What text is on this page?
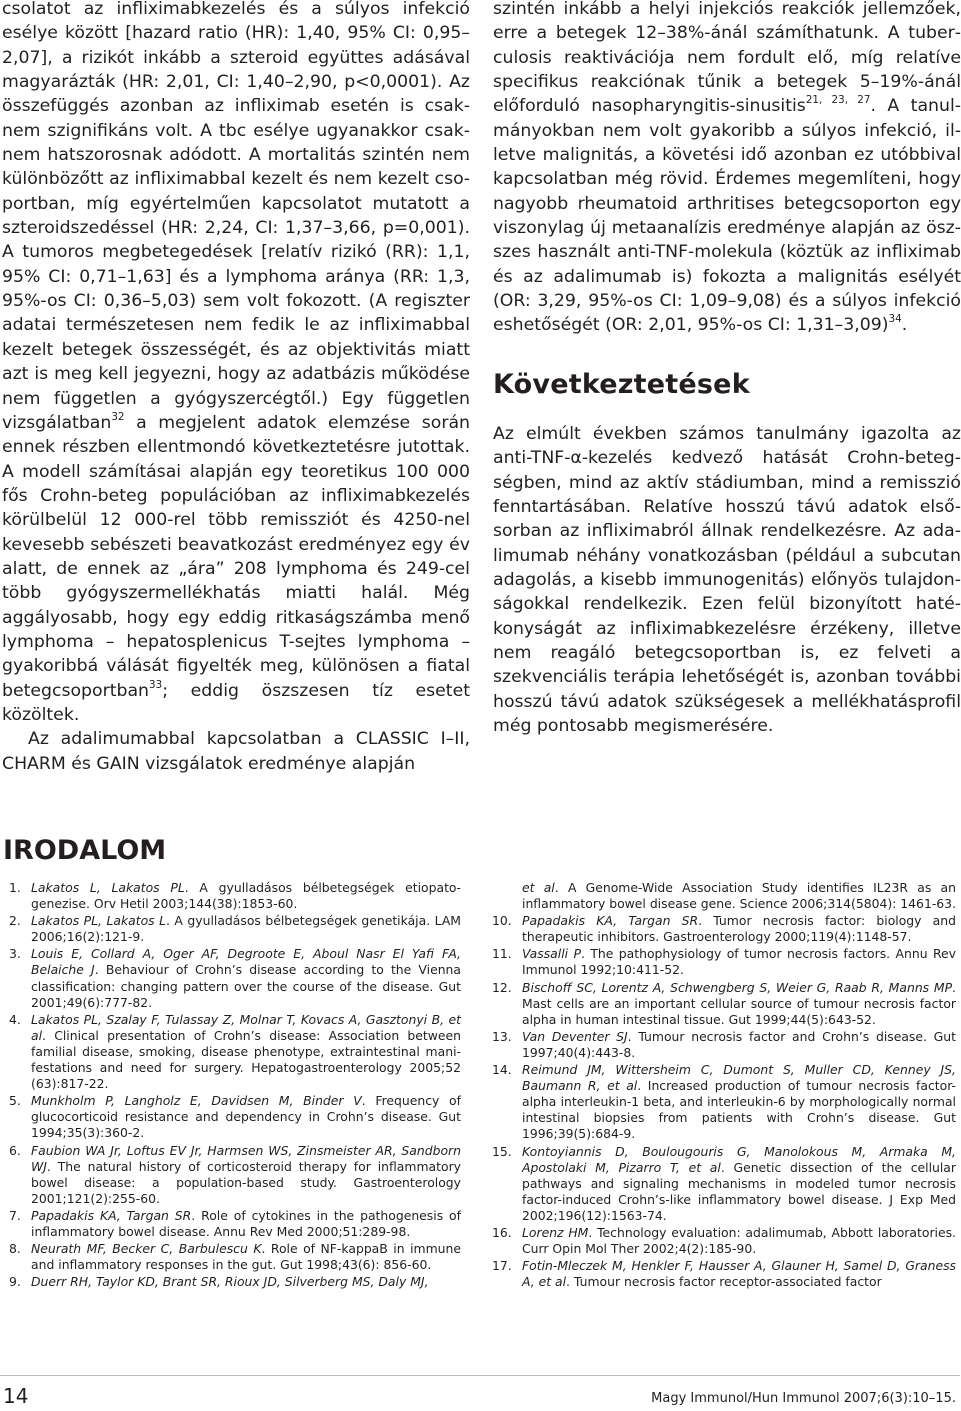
csolatot az infliximabkezelés és a súlyos infekció esélye között [hazard ratio (HR): 1,40, 95% CI: 0,95–2,07], a rizikót inkább a szteroid együttes adásával magyarázták (HR: 2,01, CI: 1,40–2,90, p<0,0001). Az összefüggés azonban az infliximab esetén is csaknem szignifikáns volt. A tbc esélye ugyanakkor csaknem hatszorosnak adódott. A mortalitás szintén nem különbözőtt az infliximabbal kezelt és nem kezelt csoportban, míg egyértelműen kapcsolatot mutatott a szteroidszedéssel (HR: 2,24, CI: 1,37–3,66, p=0,001). A tumoros megbetegedések [relatív rizikó (RR): 1,1, 95% CI: 0,71–1,63] és a lymphoma aránya (RR: 1,3, 95%-os CI: 0,36–5,03) sem volt fokozott. (A regiszter adatai természetesen nem fedik le az infliximabbal kezelt betegek összességét, és az objektivitás miatt azt is meg kell jegyezni, hogy az adatbázis működése nem független a gyógyszercégtől.) Egy független vizsgálatban$^{32}$ a megjelent adatok elemzése során ennek részben ellentmondó következtetésre jutottak. A modell számításai alapján egy teoretikus 100 000 fős Crohn-beteg populációban az infliximabkezelés körülbelül 12 000-rel több remissziót és 4250-nel kevesebb sebészeti beavatkozást eredményez egy év alatt, de ennek az „ára” 208 lymphoma és 249-cel több gyógyszermellékhatás miatti halál. Még aggályosabb, hogy egy eddig ritkaságszámba menő lymphoma – hepatosplenicus T-sejtes lymphoma – gyakoribbá válását figyelték meg, különösen a fiatal betegcsoportban$^{33}$; eddig öszszesen tíz esetet közöltek.

Az adalimumabbal kapcsolatban a CLASSIC I–II, CHARM és GAIN vizsgálatok eredménye alapján

szintén inkább a helyi injekciós reakciók jellemzőek, erre a betegek 12–38%-ánál számíthatunk. A tuberculosis reaktivációja nem fordult elő, míg relatíve specifikus reakciónak tűnik a betegek 5–19%-ánál előforduló nasopharyngitis-sinusitis$^{21, 23, 27}$. A tanulmányokban nem volt gyakoribb a súlyos infekció, illetve malignitás, a követési idő azonban ez utóbbival kapcsolatban még rövid. Érdemes megemlíteni, hogy nagyobb rheumatoid arthritises betegcsoporton egy viszonylag új metaanalízis eredménye alapján az öszszes használt anti-TNF-molekula (köztük az infliximab és az adalimumab is) fokozta a malignitás esélyét (OR: 3,29, 95%-os CI: 1,09–9,08) és a súlyos infekció eshetőségét (OR: 2,01, 95%-os CI: 1,31–3,09)$^{34}$.

Következtetések

Az elmúlt években számos tanulmány igazolta az anti-TNF-α-kezelés kedvező hatását Crohn-betegségben, mind az aktív stádiumban, mind a remisszió fenntartásában. Relatíve hosszú távú adatok elsősorban az infliximabról állnak rendelkezésre. Az adalimumab néhány vonatkozásban (például a subcutan adagolás, a kisebb immunogenitás) előnyös tulajdonságokkal rendelkezik. Ezen felül bizonyított hatékonyságát az infliximabkezelésre érzékeny, illetve nem reagáló betegcsoportban is, ez felveti a szekvenciális terápia lehetőségét is, azonban további hosszú távú adatok szükségesek a mellékhatásprofil még pontosabb megismerésére.

IRODALOM
1. Lakatos L, Lakatos PL. A gyulladásos bélbetegségek etiopatogenezise. Orv Hetil 2003;144(38):1853-60.
2. Lakatos PL, Lakatos L. A gyulladásos bélbetegségek genetikája. LAM 2006;16(2):121-9.
3. Louis E, Collard A, Oger AF, Degroote E, Aboul Nasr El Yafi FA, Belaiche J. Behaviour of Crohn’s disease according to the Vienna classification: changing pattern over the course of the disease. Gut 2001;49(6):777-82.
4. Lakatos PL, Szalay F, Tulassay Z, Molnar T, Kovacs A, Gasztonyi B, et al. Clinical presentation of Crohn’s disease: Association between familial disease, smoking, disease phenotype, extraintestinal manifestations and need for surgery. Hepatogastroenterology 2005;52 (63):817-22.
5. Munkholm P, Langholz E, Davidsen M, Binder V. Frequency of glucocorticoid resistance and dependency in Crohn’s disease. Gut 1994;35(3):360-2.
6. Faubion WA Jr, Loftus EV Jr, Harmsen WS, Zinsmeister AR, Sandborn WJ. The natural history of corticosteroid therapy for inflammatory bowel disease: a population-based study. Gastroenterology 2001;121(2):255-60.
7. Papadakis KA, Targan SR. Role of cytokines in the pathogenesis of inflammatory bowel disease. Annu Rev Med 2000;51:289-98.
8. Neurath MF, Becker C, Barbulescu K. Role of NF-kappaB in immune and inflammatory responses in the gut. Gut 1998;43(6): 856-60.
9. Duerr RH, Taylor KD, Brant SR, Rioux JD, Silverberg MS, Daly MJ,
et al. A Genome-Wide Association Study identifies IL23R as an inflammatory bowel disease gene. Science 2006;314(5804): 1461-63.
10. Papadakis KA, Targan SR. Tumor necrosis factor: biology and therapeutic inhibitors. Gastroenterology 2000;119(4):1148-57.
11. Vassalli P. The pathophysiology of tumor necrosis factors. Annu Rev Immunol 1992;10:411-52.
12. Bischoff SC, Lorentz A, Schwengberg S, Weier G, Raab R, Manns MP. Mast cells are an important cellular source of tumour necrosis factor alpha in human intestinal tissue. Gut 1999;44(5):643-52.
13. Van Deventer SJ. Tumour necrosis factor and Crohn’s disease. Gut 1997;40(4):443-8.
14. Reimund JM, Wittersheim C, Dumont S, Muller CD, Kenney JS, Baumann R, et al. Increased production of tumour necrosis factor-alpha interleukin-1 beta, and interleukin-6 by morphologically normal intestinal biopsies from patients with Crohn’s disease. Gut 1996;39(5):684-9.
15. Kontoyiannis D, Boulougouris G, Manolokous M, Armaka M, Apostolaki M, Pizarro T, et al. Genetic dissection of the cellular pathways and signaling mechanisms in modeled tumor necrosis factor-induced Crohn’s-like inflammatory bowel disease. J Exp Med 2002;196(12):1563-74.
16. Lorenz HM. Technology evaluation: adalimumab, Abbott laboratories. Curr Opin Mol Ther 2002;4(2):185-90.
17. Fotin-Mleczek M, Henkler F, Hausser A, Glauner H, Samel D, Graness A, et al. Tumour necrosis factor receptor-associated factor
14	Magy Immunol/Hun Immunol 2007;6(3):10–15.
